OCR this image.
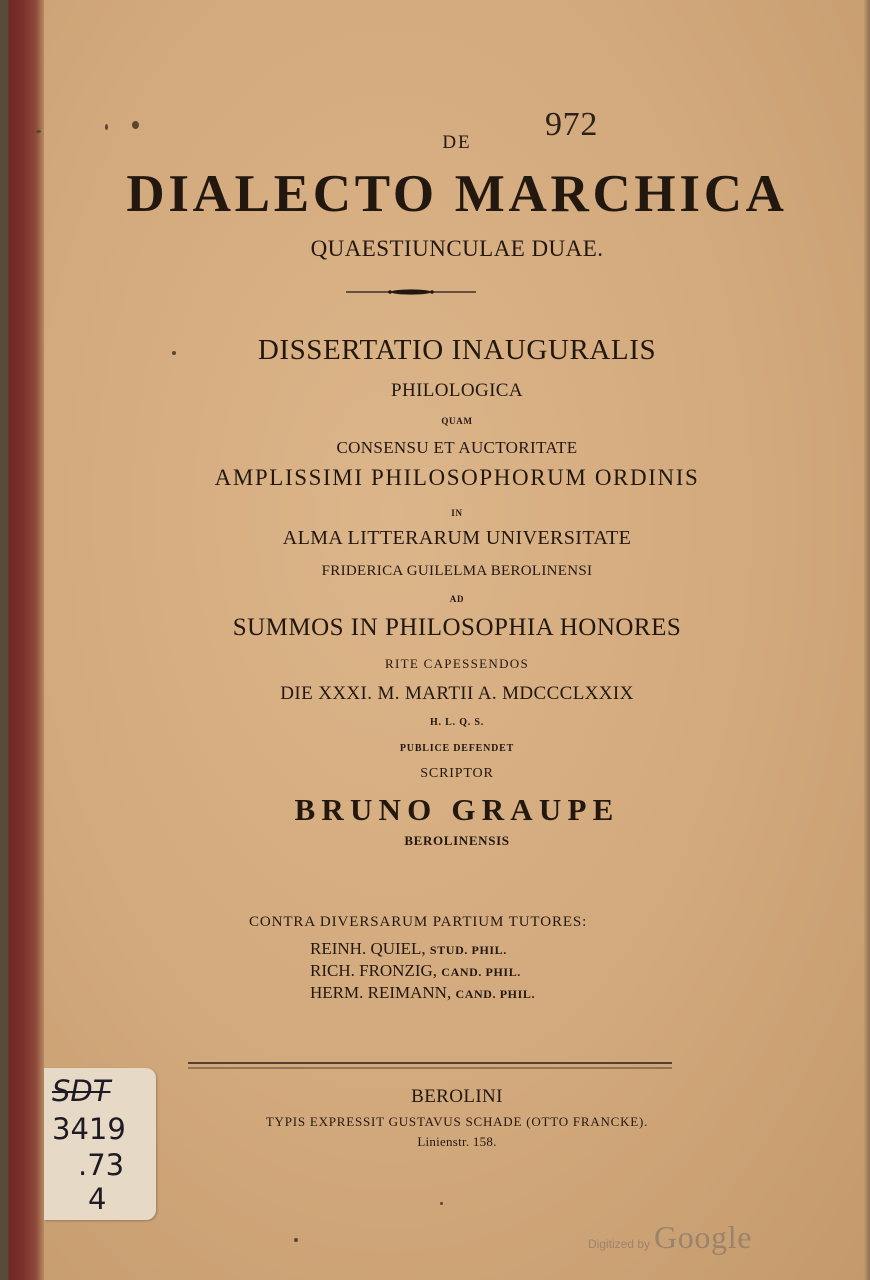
972
DE
DIALECTO MARCHICA
QUAESTIUNCULAE DUAE.
DISSERTATIO INAUGURALIS
PHILOLOGICA
QUAM
CONSENSU ET AUCTORITATE
AMPLISSIMI PHILOSOPHORUM ORDINIS
IN
ALMA LITTERARUM UNIVERSITATE
FRIDERICA GUILELMA BEROLINENSI
AD
SUMMOS IN PHILOSOPHIA HONORES
RITE CAPESSENDOS
DIE XXXI. M. MARTII A. MDCCCLXXIX
H. L. Q. S.
PUBLICE DEFENDET
SCRIPTOR
BRUNO GRAUPE
BEROLINENSIS
CONTRA DIVERSARUM PARTIUM TUTORES:
REINH. QUIEL, STUD. PHIL.
RICH. FRONZIG, CAND. PHIL.
HERM. REIMANN, CAND. PHIL.
BEROLINI
TYPIS EXPRESSIT GUSTAVUS SCHADE (OTTO FRANCKE).
Linienstr. 158.
SDT
3419
.73
4
Digitized by Google
